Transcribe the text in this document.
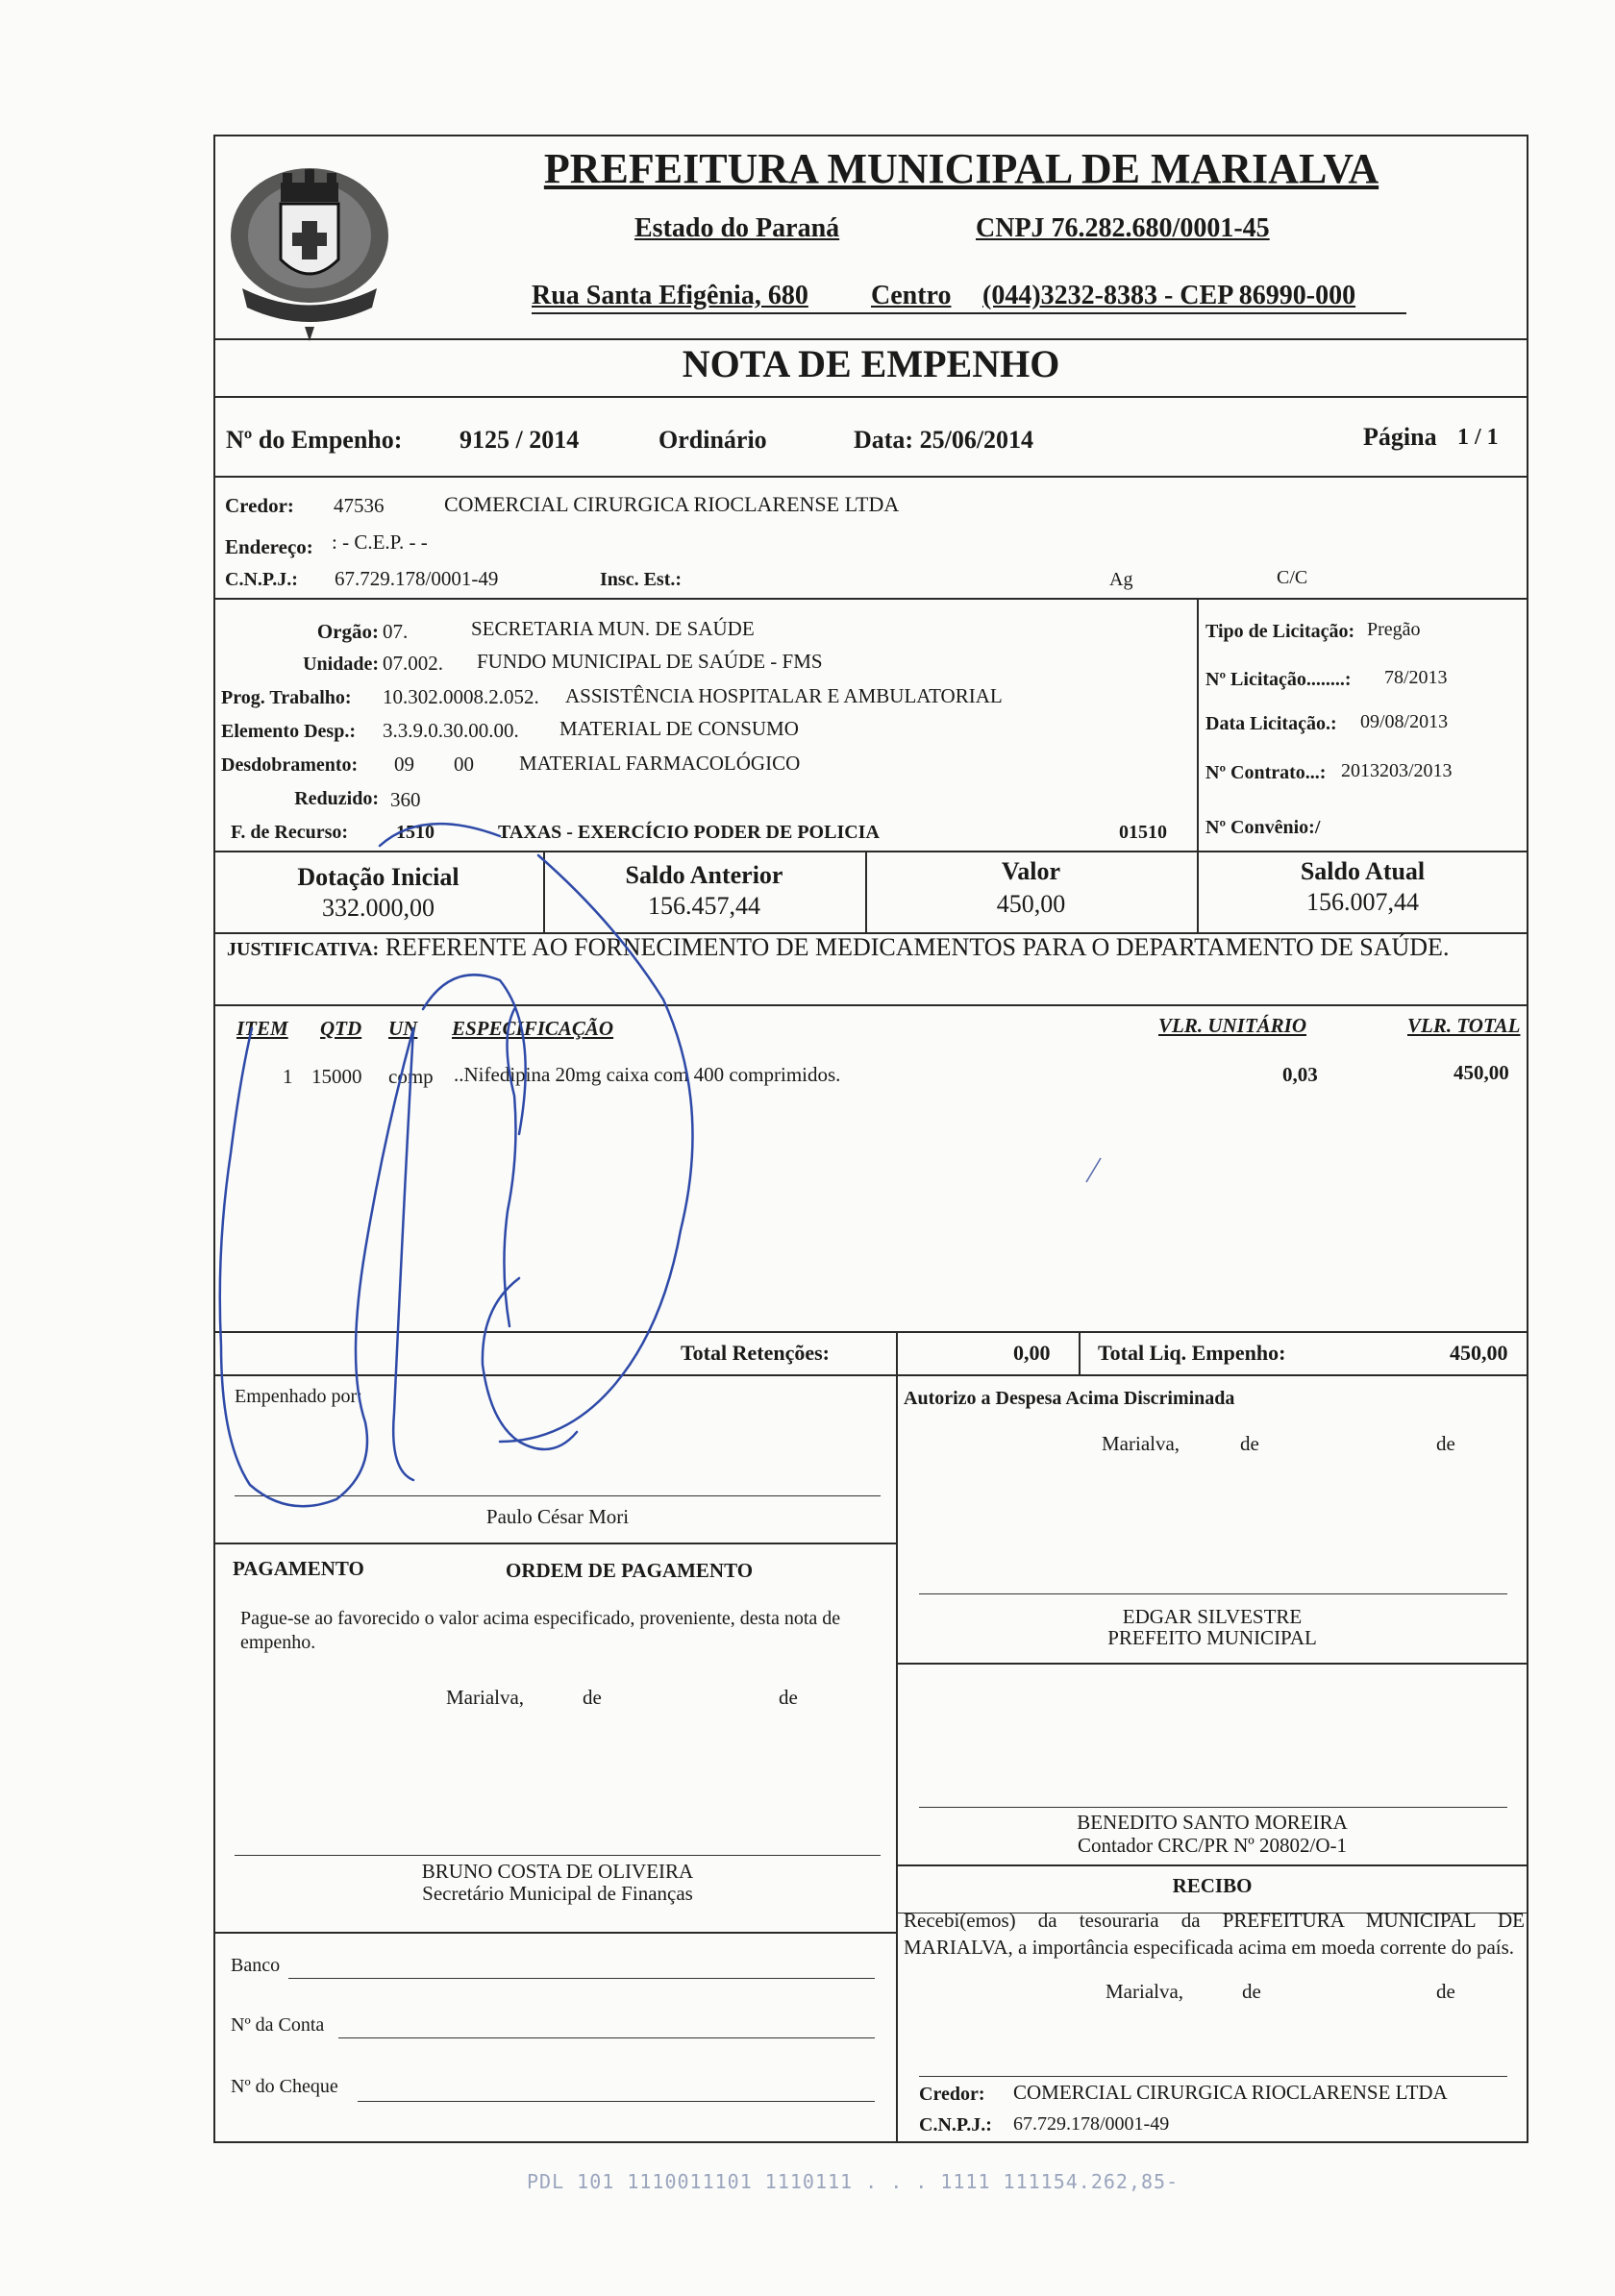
PREFEITURA MUNICIPAL DE MARIALVA
Estado do Paraná	CNPJ 76.282.680/0001-45
Rua Santa Efigênia, 680 Centro (044)3232-8383 - CEP 86990-000
NOTA DE EMPENHO
Nº do Empenho: 9125 / 2014	Ordinário	Data: 25/06/2014	Página 1 / 1
Credor: 47536	COMERCIAL CIRURGICA RIOCLARENSE LTDA
Endereço: : - C.E.P. - -
C.N.P.J.: 67.729.178/0001-49	Insc. Est.:	Ag	C/C
Orgão: 07.	SECRETARIA MUN. DE SAÚDE
Unidade: 07.002. FUNDO MUNICIPAL DE SAÚDE - FMS
Prog. Trabalho: 10.302.0008.2.052. ASSISTÊNCIA HOSPITALAR E AMBULATORIAL
Elemento Desp.: 3.3.9.0.30.00.00. MATERIAL DE CONSUMO
Desdobramento: 09 00 MATERIAL FARMACOLÓGICO
Reduzido: 360
F. de Recurso: 1510	TAXAS - EXERCÍCIO PODER DE POLICIA	01510
Tipo de Licitação: Pregão
Nº Licitação........: 78/2013
Data Licitação.: 09/08/2013
Nº Contrato...: 2013203/2013
Nº Convênio:/
Dotação Inicial
332.000,00
Saldo Anterior
156.457,44
Valor
450,00
Saldo Atual
156.007,44
JUSTIFICATIVA: REFERENTE AO FORNECIMENTO DE MEDICAMENTOS PARA O DEPARTAMENTO DE SAÚDE.
ITEM QTD UN ESPECIFICAÇÃO	VLR. UNITÁRIO	VLR. TOTAL
1 15000 comp ..Nifedipina 20mg caixa com 400 comprimidos.	0,03	450,00
Total Retenções:	0,00 Total Liq. Empenho:	450,00
Empenhado por:
Paulo César Mori
Autorizo a Despesa Acima Discriminada
Marialva,	de	de
EDGAR SILVESTRE
PREFEITO MUNICIPAL
PAGAMENTO	ORDEM DE PAGAMENTO
Pague-se ao favorecido o valor acima especificado, proveniente, desta nota de empenho.
Marialva,	de	de
BRUNO COSTA DE OLIVEIRA
Secretário Municipal de Finanças
BENEDITO SANTO MOREIRA
Contador CRC/PR Nº 20802/O-1
RECIBO
Recebi(emos) da tesouraria da PREFEITURA MUNICIPAL DE MARIALVA, a importância especificada acima em moeda corrente do país.
Marialva,	de	de
Credor: COMERCIAL CIRURGICA RIOCLARENSE LTDA
C.N.P.J.: 67.729.178/0001-49
Banco
Nº da Conta
Nº do Cheque
PDL 101 1110011101 1110111 . . . 1111 111154.262,85-
